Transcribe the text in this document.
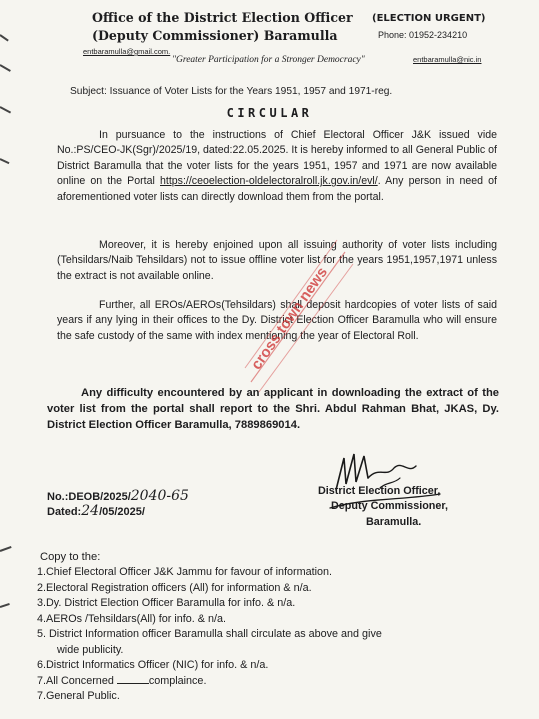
Office of the District Election Officer
(Deputy Commissioner) Baramulla
(ELECTION URGENT)
Phone: 01952-234210
entbaramulla@gmail.com.
"Greater Participation for a Stronger Democracy"	entbaramulla@nic.in
Subject: Issuance of Voter Lists for the Years 1951, 1957 and 1971-reg.
CIRCULAR
In pursuance to the instructions of Chief Electoral Officer J&K issued vide No.:PS/CEO-JK(Sgr)/2025/19, dated:22.05.2025. It is hereby informed to all General Public of District Baramulla that the voter lists for the years 1951, 1957 and 1971 are now available online on the Portal https://ceoelection-oldelectoralroll.jk.gov.in/evl/. Any person in need of aforementioned voter lists can directly download them from the portal.
Moreover, it is hereby enjoined upon all issuing authority of voter lists including (Tehsildars/Naib Tehsildars) not to issue offline voter list for the years 1951,1957,1971 unless the extract is not available online.
Further, all EROs/AEROs(Tehsildars) shall deposit hardcopies of voter lists of said years if any lying in their offices to the Dy. District Election Officer Baramulla who will ensure the safe custody of the same with index mentioning the year of Electoral Roll.
Any difficulty encountered by an applicant in downloading the extract of the voter list from the portal shall report to the Shri. Abdul Rahman Bhat, JKAS, Dy. District Election Officer Baramulla, 7889869014.
No.:DEOB/2025/2040-65
Dated:24/05/2025/
District Election Officer,
Deputy Commissioner,
Baramulla.
Copy to the:
1.Chief Electoral Officer J&K Jammu for favour of information.
2.Electoral Registration officers (All) for information & n/a.
3.Dy. District Election Officer Baramulla for info. & n/a.
4.AEROs /Tehsildars(All) for info. & n/a.
5. District Information officer Baramulla shall circulate as above and give
wide publicity.
6.District Informatics Officer (NIC) for info. & n/a.
7.All Concerned	complaince.
7.General Public.
cross town news
